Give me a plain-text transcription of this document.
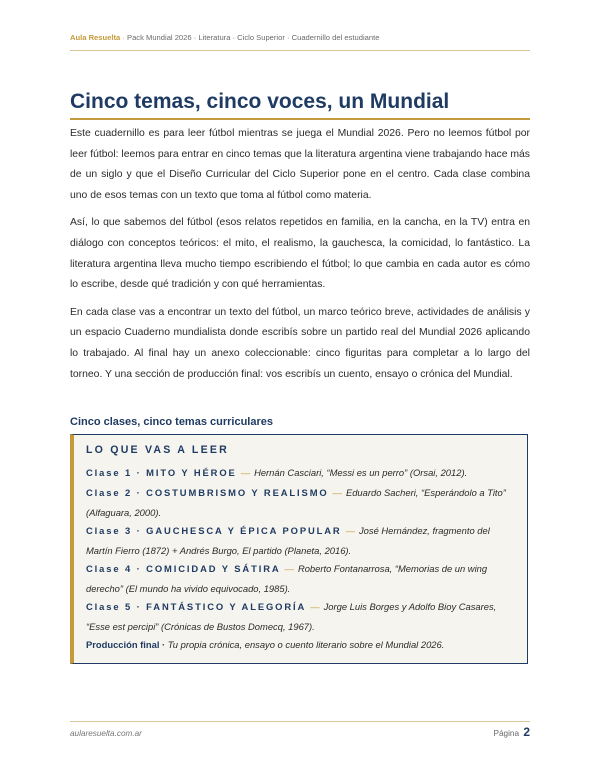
Aula Resuelta · Pack Mundial 2026 · Literatura · Ciclo Superior · Cuadernillo del estudiante
Cinco temas, cinco voces, un Mundial

Este cuadernillo es para leer fútbol mientras se juega el Mundial 2026. Pero no leemos fútbol por leer fútbol: leemos para entrar en cinco temas que la literatura argentina viene trabajando hace más de un siglo y que el Diseño Curricular del Ciclo Superior pone en el centro. Cada clase combina uno de esos temas con un texto que toma al fútbol como materia.

Así, lo que sabemos del fútbol (esos relatos repetidos en familia, en la cancha, en la TV) entra en diálogo con conceptos teóricos: el mito, el realismo, la gauchesca, la comicidad, lo fantástico. La literatura argentina lleva mucho tiempo escribiendo el fútbol; lo que cambia en cada autor es cómo lo escribe, desde qué tradición y con qué herramientas.

En cada clase vas a encontrar un texto del fútbol, un marco teórico breve, actividades de análisis y un espacio Cuaderno mundialista donde escribís sobre un partido real del Mundial 2026 aplicando lo trabajado. Al final hay un anexo coleccionable: cinco figuritas para completar a lo largo del torneo. Y una sección de producción final: vos escribís un cuento, ensayo o crónica del Mundial.

Cinco clases, cinco temas curriculares
LO QUE VAS A LEER
Clase 1 · MITO Y HÉROE — Hernán Casciari, “Messi es un perro” (Orsai, 2012).
Clase 2 · COSTUMBRISMO Y REALISMO — Eduardo Sacheri, “Esperándolo a Tito” (Alfaguara, 2000).
Clase 3 · GAUCHESCA Y ÉPICA POPULAR — José Hernández, fragmento del Martín Fierro (1872) + Andrés Burgo, El partido (Planeta, 2016).
Clase 4 · COMICIDAD Y SÁTIRA — Roberto Fontanarrosa, “Memorias de un wing derecho” (El mundo ha vivido equivocado, 1985).
Clase 5 · FANTÁSTICO Y ALEGORÍA — Jorge Luis Borges y Adolfo Bioy Casares, “Esse est percipi” (Crónicas de Bustos Domecq, 1967).
Producción final · Tu propia crónica, ensayo o cuento literario sobre el Mundial 2026.
aularesuelta.com.ar	Página 2
